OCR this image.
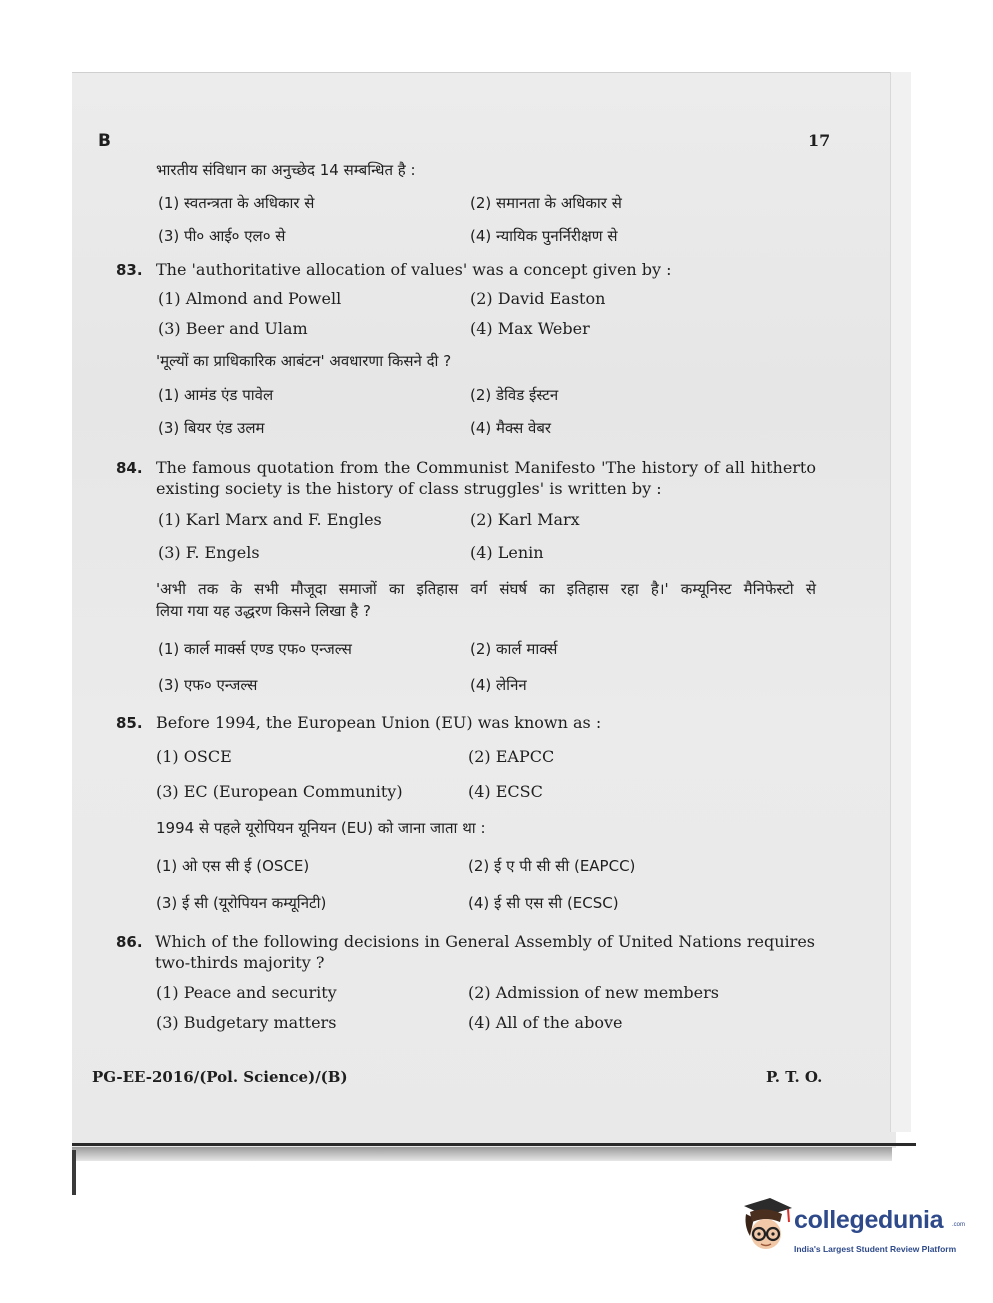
B	17
भारतीय संविधान का अनुच्छेद 14 सम्बन्धित है :
(1) स्वतन्त्रता के अधिकार से	(2) समानता के अधिकार से
(3) पी० आई० एल० से	(4) न्यायिक पुनर्निरीक्षण से
83. The 'authoritative allocation of values' was a concept given by :
(1) Almond and Powell	(2) David Easton
(3) Beer and Ulam	(4) Max Weber
'मूल्यों का प्राधिकारिक आबंटन' अवधारणा किसने दी ?
(1) आमंड एंड पावेल	(2) डेविड ईस्टन
(3) बियर एंड उलम	(4) मैक्स वेबर
84. The famous quotation from the Communist Manifesto 'The history of all hitherto
existing society is the history of class struggles' is written by :
(1) Karl Marx and F. Engles	(2) Karl Marx
(3) F. Engels	(4) Lenin
'अभी तक के सभी मौजूदा समाजों का इतिहास वर्ग संघर्ष का इतिहास रहा है।' कम्यूनिस्ट मैनिफेस्टो से
लिया गया यह उद्धरण किसने लिखा है ?
(1) कार्ल मार्क्स एण्ड एफ० एन्जल्स	(2) कार्ल मार्क्स
(3) एफ० एन्जल्स	(4) लेनिन
85. Before 1994, the European Union (EU) was known as :
(1) OSCE	(2) EAPCC
(3) EC (European Community)	(4) ECSC
1994 से पहले यूरोपियन यूनियन (EU) को जाना जाता था :
(1) ओ एस सी ई (OSCE)	(2) ई ए पी सी सी (EAPCC)
(3) ई सी (यूरोपियन कम्यूनिटी)	(4) ई सी एस सी (ECSC)
86. Which of the following decisions in General Assembly of United Nations requires
two-thirds majority ?
(1) Peace and security	(2) Admission of new members
(3) Budgetary matters	(4) All of the above
PG-EE-2016/(Pol. Science)/(B)	P. T. O.
collegedunia .com
India's Largest Student Review Platform
